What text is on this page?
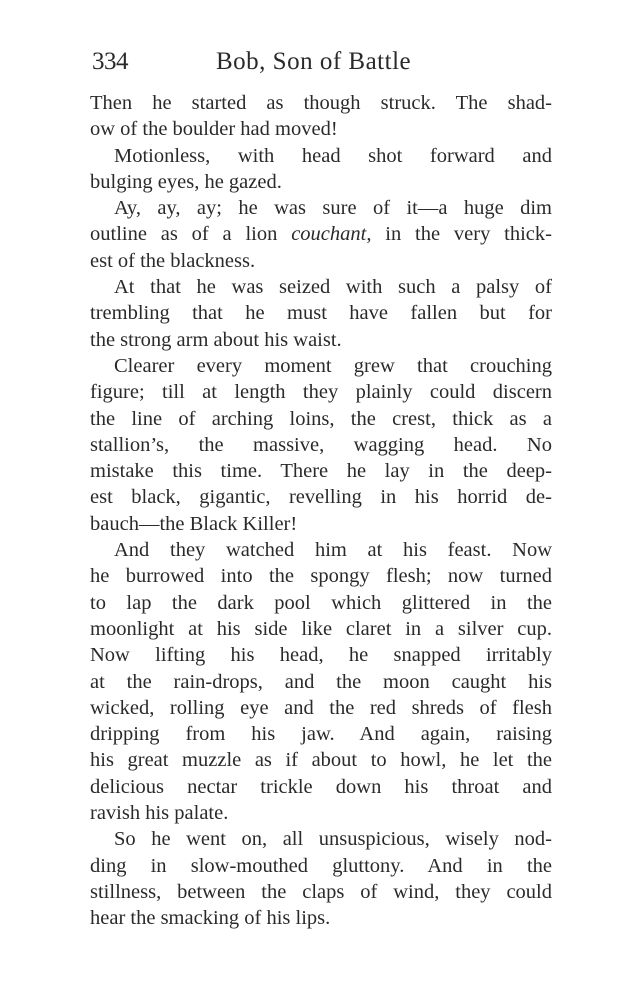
334	Bob, Son of Battle
Then he started as though struck. The shad-
ow of the boulder had moved!
Motionless, with head shot forward and
bulging eyes, he gazed.
Ay, ay, ay; he was sure of it—a huge dim
outline as of a lion couchant, in the very thick-
est of the blackness.
At that he was seized with such a palsy of
trembling that he must have fallen but for
the strong arm about his waist.
Clearer every moment grew that crouching
figure; till at length they plainly could discern
the line of arching loins, the crest, thick as a
stallion’s, the massive, wagging head. No
mistake this time. There he lay in the deep-
est black, gigantic, revelling in his horrid de-
bauch—the Black Killer!
And they watched him at his feast. Now
he burrowed into the spongy flesh; now turned
to lap the dark pool which glittered in the
moonlight at his side like claret in a silver cup.
Now lifting his head, he snapped irritably
at the rain-drops, and the moon caught his
wicked, rolling eye and the red shreds of flesh
dripping from his jaw. And again, raising
his great muzzle as if about to howl, he let the
delicious nectar trickle down his throat and
ravish his palate.
So he went on, all unsuspicious, wisely nod-
ding in slow-mouthed gluttony. And in the
stillness, between the claps of wind, they could
hear the smacking of his lips.
